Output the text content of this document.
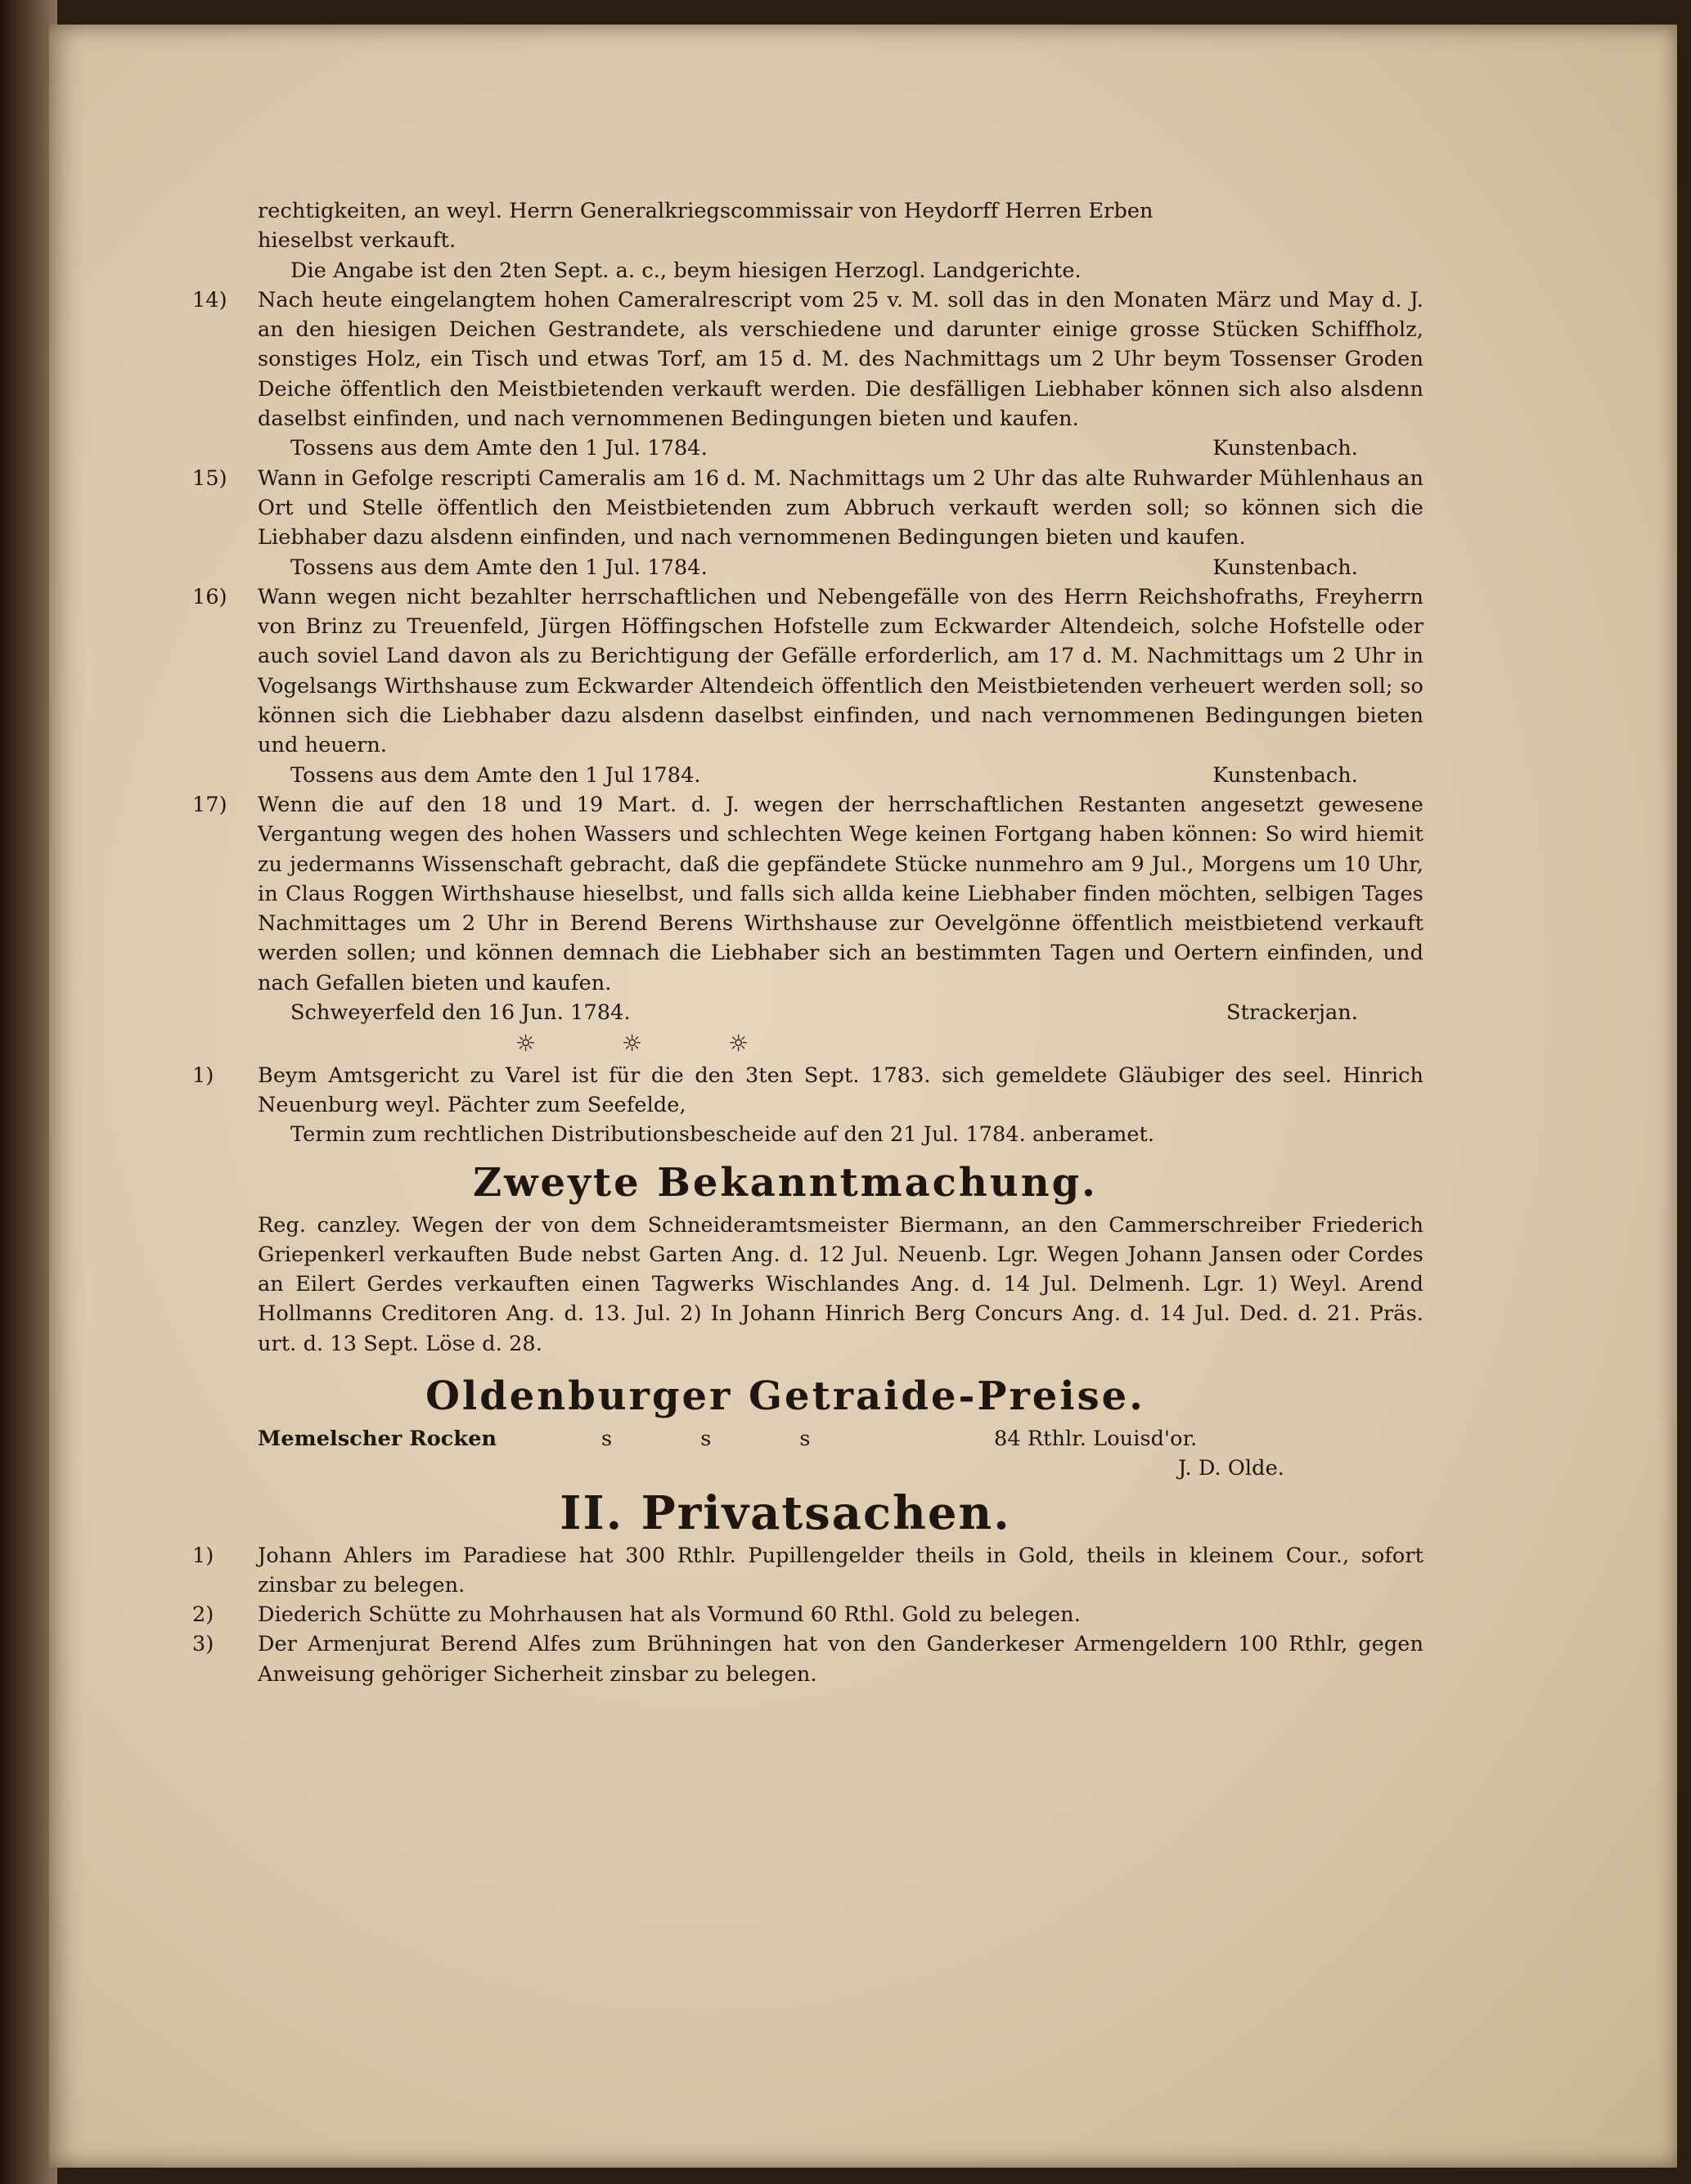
rechtigkeiten, an weyl. Herrn Generalkriegscommissair von Heydorff Herren Erben

hieselbst verkauft.

Die Angabe ist den 2ten Sept. a. c., beym hiesigen Herzogl. Landgerichte.

14)	Nach heute eingelangtem hohen Cameralrescript vom 25 v. M. soll das in den Monaten März und May d. J. an den hiesigen Deichen Gestrandete, als verschiedene und darunter einige grosse Stücken Schiffholz, sonstiges Holz, ein Tisch und etwas Torf, am 15 d. M. des Nachmittags um 2 Uhr beym Tossenser Groden Deiche öffentlich den Meistbietenden verkauft werden. Die desfälligen Liebhaber können sich also alsdenn daselbst einfinden, und nach vernommenen Bedingungen bieten und kaufen.
Tossens aus dem Amte den 1 Jul. 1784.	Kunstenbach.
15)	Wann in Gefolge rescripti Cameralis am 16 d. M. Nachmittags um 2 Uhr das alte Ruhwarder Mühlenhaus an Ort und Stelle öffentlich den Meistbietenden zum Abbruch verkauft werden soll; so können sich die Liebhaber dazu alsdenn einfinden, und nach vernommenen Bedingungen bieten und kaufen.
Tossens aus dem Amte den 1 Jul. 1784.	Kunstenbach.
16)	Wann wegen nicht bezahlter herrschaftlichen und Nebengefälle von des Herrn Reichshofraths, Freyherrn von Brinz zu Treuenfeld, Jürgen Höffingschen Hofstelle zum Eckwarder Altendeich, solche Hofstelle oder auch soviel Land davon als zu Berichtigung der Gefälle erforderlich, am 17 d. M. Nachmittags um 2 Uhr in Vogelsangs Wirthshause zum Eckwarder Altendeich öffentlich den Meistbietenden verheuert werden soll; so können sich die Liebhaber dazu alsdenn daselbst einfinden, und nach vernommenen Bedingungen bieten und heuern.
Tossens aus dem Amte den 1 Jul 1784.	Kunstenbach.
17)	Wenn die auf den 18 und 19 Mart. d. J. wegen der herrschaftlichen Restanten angesetzt gewesene Vergantung wegen des hohen Wassers und schlechten Wege keinen Fortgang haben können: So wird hiemit zu jedermanns Wissenschaft gebracht, daß die gepfändete Stücke nunmehro am 9 Jul., Morgens um 10 Uhr, in Claus Roggen Wirthshause hieselbst, und falls sich allda keine Liebhaber finden möchten, selbigen Tages Nachmittages um 2 Uhr in Berend Berens Wirthshause zur Oevelgönne öffentlich meistbietend verkauft werden sollen; und können demnach die Liebhaber sich an bestimmten Tagen und Oertern einfinden, und nach Gefallen bieten und kaufen.
Schweyerfeld den 16 Jun. 1784.	Strackerjan.
☼ ☼ ☼
1)	Beym Amtsgericht zu Varel ist für die den 3ten Sept. 1783. sich gemeldete Gläubiger des seel. Hinrich Neuenburg weyl. Pächter zum Seefelde,

Termin zum rechtlichen Distributionsbescheide auf den 21 Jul. 1784. anberamet.

Zweyte Bekanntmachung.

Reg. canzley. Wegen der von dem Schneideramtsmeister Biermann, an den Cammerschreiber Friederich Griepenkerl verkauften Bude nebst Garten Ang. d. 12 Jul. Neuenb. Lgr. Wegen Johann Jansen oder Cordes an Eilert Gerdes verkauften einen Tagwerks Wischlandes Ang. d. 14 Jul. Delmenh. Lgr. 1) Weyl. Arend Hollmanns Creditoren Ang. d. 13. Jul. 2) In Johann Hinrich Berg Concurs Ang. d. 14 Jul. Ded. d. 21. Präs. urt. d. 13 Sept. Löse d. 28.

Oldenburger Getraide-Preise.
Memelscher Rocken	s s s	84 Rthlr. Louisd'or.
J. D. Olde.
II. Privatsachen.
1)	Johann Ahlers im Paradiese hat 300 Rthlr. Pupillengelder theils in Gold, theils in kleinem Cour., sofort zinsbar zu belegen.
2)	Diederich Schütte zu Mohrhausen hat als Vormund 60 Rthl. Gold zu belegen.
3)	Der Armenjurat Berend Alfes zum Brühningen hat von den Ganderkeser Armengeldern 100 Rthlr, gegen Anweisung gehöriger Sicherheit zinsbar zu belegen.
